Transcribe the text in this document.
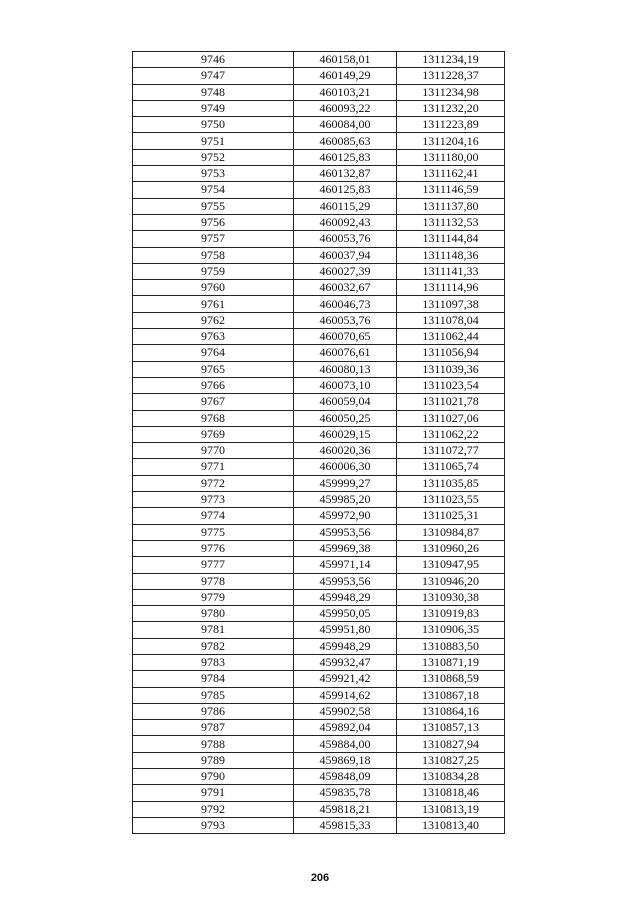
9746	460158,01	1311234,19
9747	460149,29	1311228,37
9748	460103,21	1311234,98
9749	460093,22	1311232,20
9750	460084,00	1311223,89
9751	460085,63	1311204,16
9752	460125,83	1311180,00
9753	460132,87	1311162,41
9754	460125,83	1311146,59
9755	460115,29	1311137,80
9756	460092,43	1311132,53
9757	460053,76	1311144,84
9758	460037,94	1311148,36
9759	460027,39	1311141,33
9760	460032,67	1311114,96
9761	460046,73	1311097,38
9762	460053,76	1311078,04
9763	460070,65	1311062,44
9764	460076,61	1311056,94
9765	460080,13	1311039,36
9766	460073,10	1311023,54
9767	460059,04	1311021,78
9768	460050,25	1311027,06
9769	460029,15	1311062,22
9770	460020,36	1311072,77
9771	460006,30	1311065,74
9772	459999,27	1311035,85
9773	459985,20	1311023,55
9774	459972,90	1311025,31
9775	459953,56	1310984,87
9776	459969,38	1310960,26
9777	459971,14	1310947,95
9778	459953,56	1310946,20
9779	459948,29	1310930,38
9780	459950,05	1310919,83
9781	459951,80	1310906,35
9782	459948,29	1310883,50
9783	459932,47	1310871,19
9784	459921,42	1310868,59
9785	459914,62	1310867,18
9786	459902,58	1310864,16
9787	459892,04	1310857,13
9788	459884,00	1310827,94
9789	459869,18	1310827,25
9790	459848,09	1310834,28
9791	459835,78	1310818,46
9792	459818,21	1310813,19
9793	459815,33	1310813,40
206
